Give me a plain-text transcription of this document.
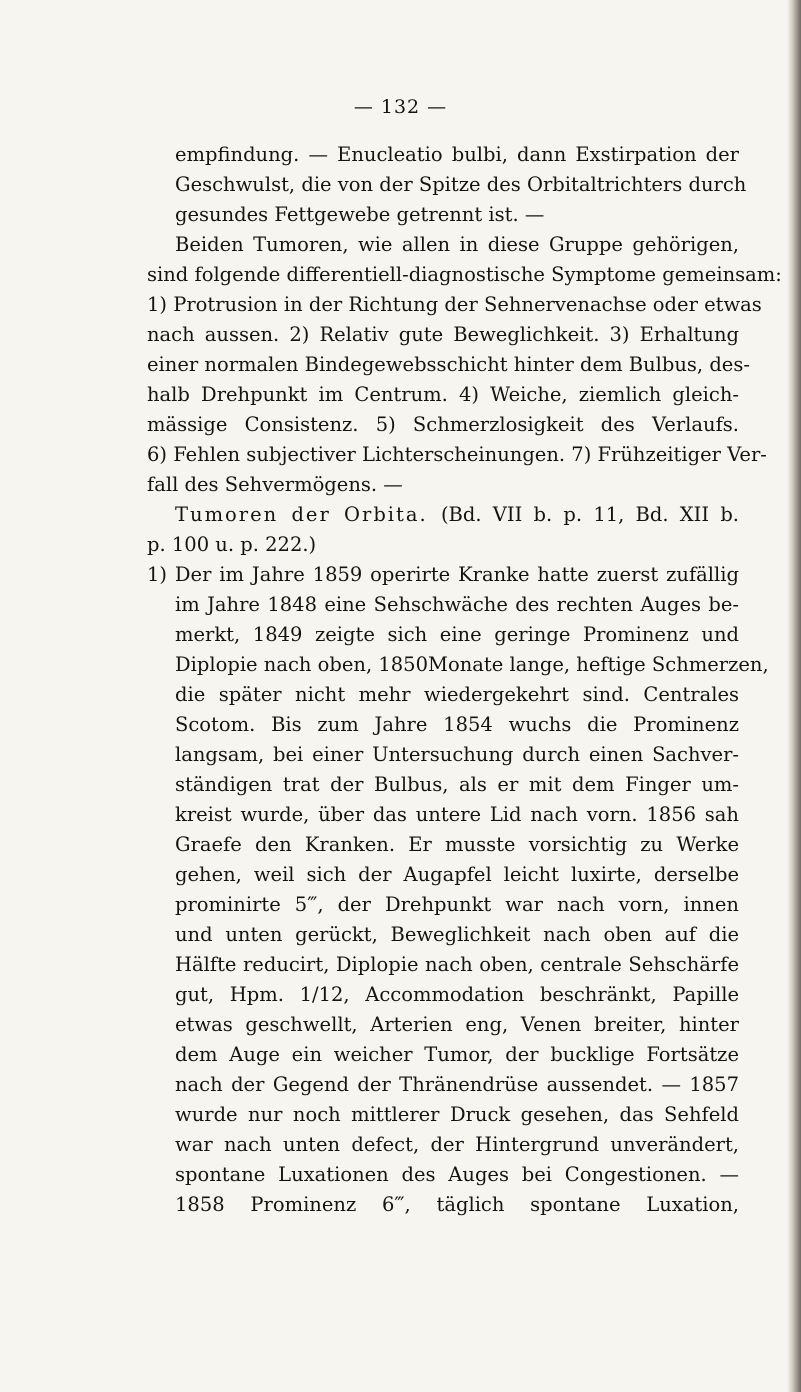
— 132 —
empfindung. — Enucleatio bulbi, dann Exstirpation der
Geschwulst, die von der Spitze des Orbitaltrichters durch
gesundes Fettgewebe getrennt ist. —
Beiden Tumoren, wie allen in diese Gruppe gehörigen,
sind folgende differentiell-diagnostische Symptome gemeinsam:
1) Protrusion in der Richtung der Sehnervenachse oder etwas
nach aussen. 2) Relativ gute Beweglichkeit. 3) Erhaltung
einer normalen Bindegewebsschicht hinter dem Bulbus, des-
halb Drehpunkt im Centrum. 4) Weiche, ziemlich gleich-
mässige Consistenz. 5) Schmerzlosigkeit des Verlaufs.
6) Fehlen subjectiver Lichterscheinungen. 7) Frühzeitiger Ver-
fall des Sehvermögens. —
Tumoren der Orbita. (Bd. VII b. p. 11, Bd. XII b.
p. 100 u. p. 222.)
1) Der im Jahre 1859 operirte Kranke hatte zuerst zufällig
im Jahre 1848 eine Sehschwäche des rechten Auges be-
merkt, 1849 zeigte sich eine geringe Prominenz und
Diplopie nach oben, 1850Monate lange, heftige Schmerzen,
die später nicht mehr wiedergekehrt sind. Centrales
Scotom. Bis zum Jahre 1854 wuchs die Prominenz
langsam, bei einer Untersuchung durch einen Sachver-
ständigen trat der Bulbus, als er mit dem Finger um-
kreist wurde, über das untere Lid nach vorn. 1856 sah
Graefe den Kranken. Er musste vorsichtig zu Werke
gehen, weil sich der Augapfel leicht luxirte, derselbe
prominirte 5‴, der Drehpunkt war nach vorn, innen
und unten gerückt, Beweglichkeit nach oben auf die
Hälfte reducirt, Diplopie nach oben, centrale Sehschärfe
gut, Hpm. 1/12, Accommodation beschränkt, Papille
etwas geschwellt, Arterien eng, Venen breiter, hinter
dem Auge ein weicher Tumor, der bucklige Fortsätze
nach der Gegend der Thränendrüse aussendet. — 1857
wurde nur noch mittlerer Druck gesehen, das Sehfeld
war nach unten defect, der Hintergrund unverändert,
spontane Luxationen des Auges bei Congestionen. —
1858 Prominenz 6‴, täglich spontane Luxation,
